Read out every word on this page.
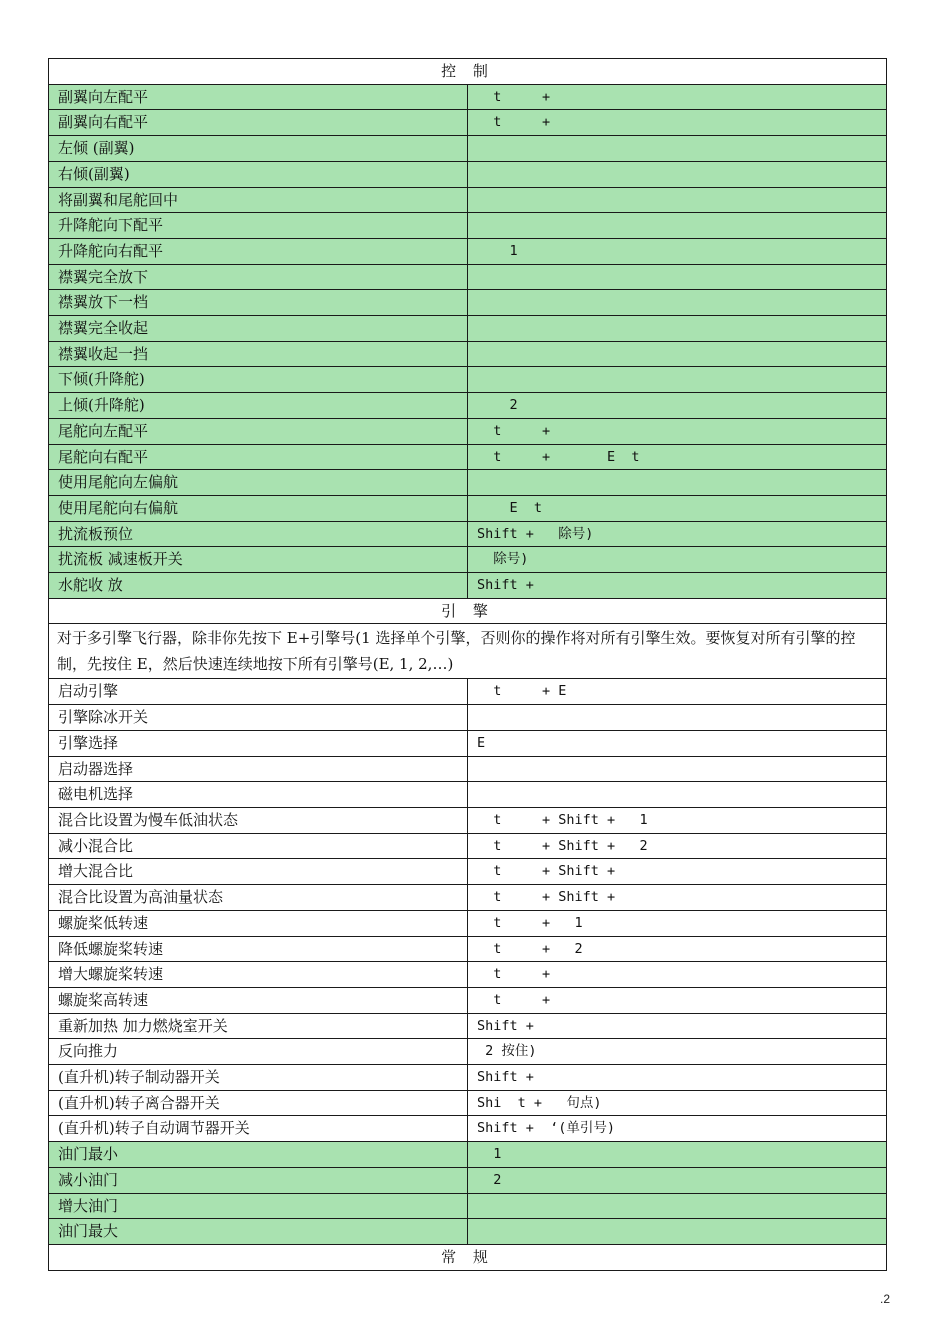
控 制	
副翼向左配平	t     +
副翼向右配平	t     +
左倾 (副翼)	
右倾(副翼)	
将副翼和尾舵回中	
升降舵向下配平	
升降舵向右配平	1
襟翼完全放下	
襟翼放下一档	
襟翼完全收起	
襟翼收起一挡	
下倾(升降舵)	
上倾(升降舵)	2
尾舵向左配平	t     +
尾舵向右配平	t     +       E  t
使用尾舵向左偏航	
使用尾舵向右偏航	E  t
扰流板预位	Shift +   除号)
扰流板 减速板开关	除号)
水舵收 放	Shift +
引 擎	
对于多引擎飞行器，除非你先按下 E+引擎号(1 选择单个引擎，否则你的操作将对所有引擎生效。要恢复对所有引擎的控制，先按住 E，然后快速连续地按下所有引擎号(E, 1, 2,…)	
启动引擎	t     + E
引擎除冰开关	
引擎选择	E
启动器选择	
磁电机选择	
混合比设置为慢车低油状态	t     + Shift +   1
减小混合比	t     + Shift +   2
增大混合比	t     + Shift +
混合比设置为高油量状态	t     + Shift +
螺旋桨低转速	t     +   1
降低螺旋桨转速	t     +   2
增大螺旋桨转速	t     +
螺旋桨高转速	t     +
重新加热 加力燃烧室开关	Shift +
反向推力	2 按住)
(直升机)转子制动器开关	Shift +
(直升机)转子离合器开关	Shi  t +   句点)
(直升机)转子自动调节器开关	Shift +  ‘(单引号)
油门最小	1
减小油门	2
增大油门	
油门最大	
常 规	
.2
